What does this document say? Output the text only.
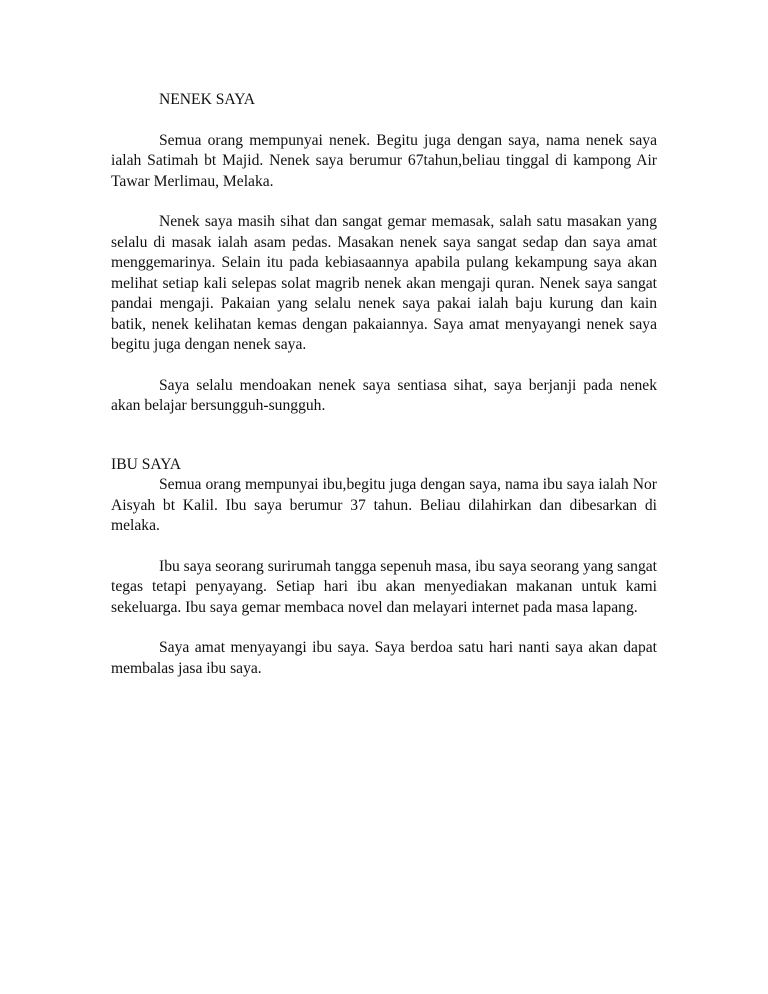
NENEK SAYA

Semua orang mempunyai nenek. Begitu juga dengan saya, nama nenek saya ialah Satimah bt Majid. Nenek saya berumur 67tahun,beliau tinggal di kampong Air Tawar Merlimau, Melaka.

Nenek saya masih sihat dan sangat gemar memasak, salah satu masakan yang selalu di masak ialah asam pedas. Masakan nenek saya sangat sedap dan saya amat menggemarinya. Selain itu pada kebiasaannya apabila pulang kekampung saya akan melihat setiap kali selepas solat magrib nenek akan mengaji quran. Nenek saya sangat pandai mengaji. Pakaian yang selalu nenek saya pakai ialah baju kurung dan kain batik, nenek kelihatan kemas dengan pakaiannya. Saya amat menyayangi nenek saya begitu juga dengan nenek saya.

Saya selalu mendoakan nenek saya sentiasa sihat, saya berjanji pada nenek akan belajar bersungguh-sungguh.

IBU SAYA

Semua orang mempunyai ibu,begitu juga dengan saya, nama ibu saya ialah Nor Aisyah bt Kalil. Ibu saya berumur 37 tahun. Beliau dilahirkan dan dibesarkan di melaka.

Ibu saya seorang surirumah tangga sepenuh masa, ibu saya seorang yang sangat tegas tetapi penyayang. Setiap hari ibu akan menyediakan makanan untuk kami sekeluarga. Ibu saya gemar membaca novel dan melayari internet pada masa lapang.

Saya amat menyayangi ibu saya. Saya berdoa satu hari nanti saya akan dapat membalas jasa ibu saya.
